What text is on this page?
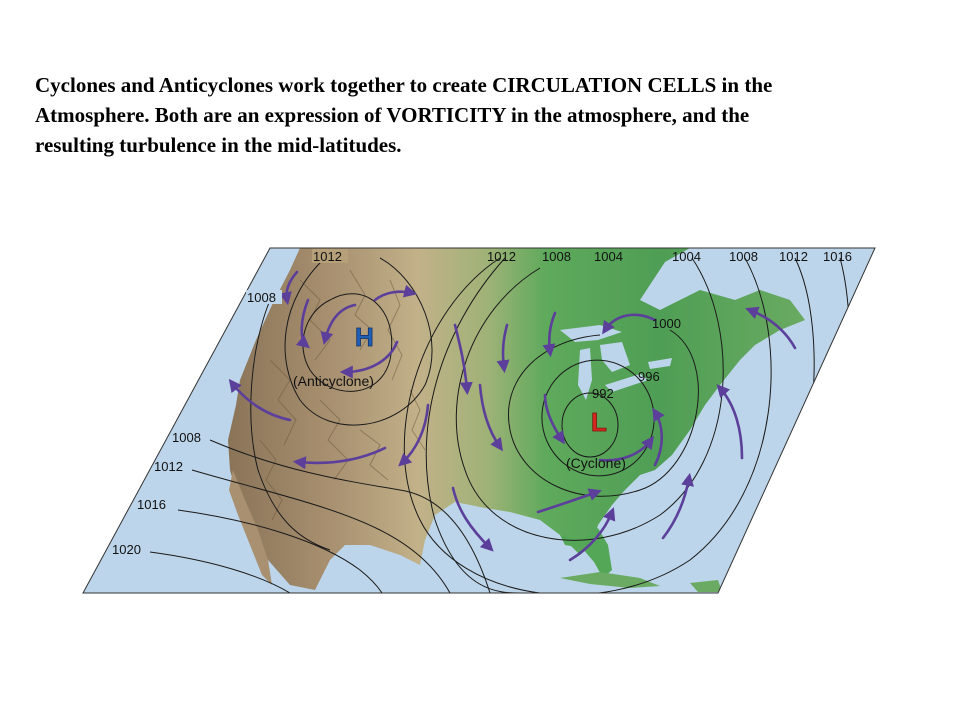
Cyclones and Anticyclones work together to create CIRCULATION CELLS in the
Atmosphere. Both are an expression of VORTICITY in the atmosphere, and the
resulting turbulence in the mid-latitudes.

1012
1008
1012 1008 1004	1004 1008 1012 1016
1000
996
992
1008
1012
1016
1020
H
(Anticyclone)
L
(Cyclone)
